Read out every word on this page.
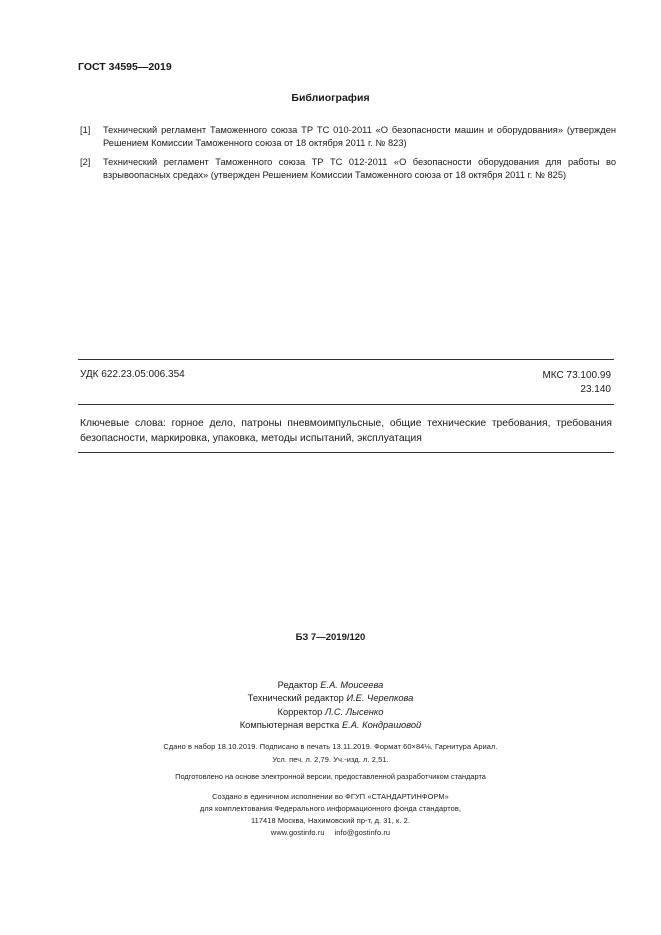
ГОСТ 34595—2019
Библиография
[1] Технический регламент Таможенного союза ТР ТС 010-2011 «О безопасности машин и оборудования» (утвержден Решением Комиссии Таможенного союза от 18 октября 2011 г. № 823)
[2] Технический регламент Таможенного союза ТР ТС 012-2011 «О безопасности оборудования для работы во взрывоопасных средах» (утвержден Решением Комиссии Таможенного союза от 18 октября 2011 г. № 825)
УДК 622.23.05:006.354	МКС 73.100.99
23.140
Ключевые слова: горное дело, патроны пневмоимпульсные, общие технические требования, требования безопасности, маркировка, упаковка, методы испытаний, эксплуатация
БЗ 7—2019/120
Редактор Е.А. Моисеева
Технический редактор И.Е. Черепкова
Корректор Л.С. Лысенко
Компьютерная верстка Е.А. Кондрашовой
Сдано в набор 18.10.2019. Подписано в печать 13.11.2019. Формат 60×84⅛. Гарнитура Ариал.
Усл. печ. л. 2,79. Уч.-изд. л. 2,51.
Подготовлено на основе электронной версии, предоставленной разработчиком стандарта
Создано в единичном исполнении во ФГУП «СТАНДАРТИНФОРМ»
для комплектования Федерального информационного фонда стандартов,
117418 Москва, Нахимовский пр-т, д. 31, к. 2.
www.gostinfo.ru info@gostinfo.ru
